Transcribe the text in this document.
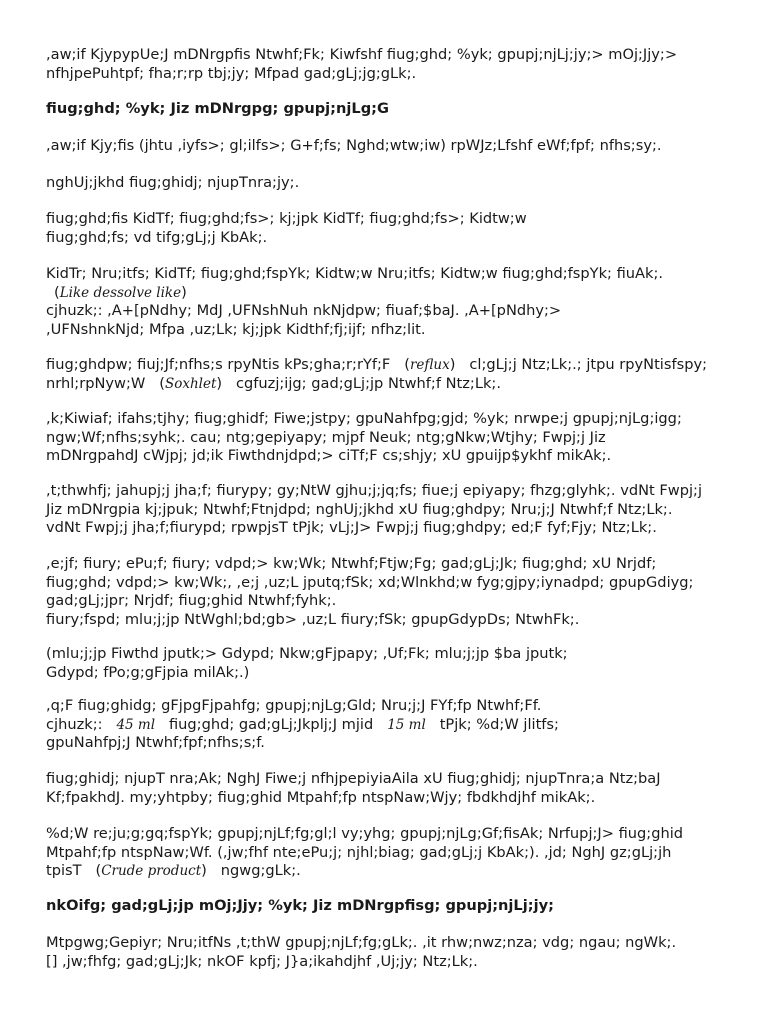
,aw;if KjypypUe;J mDNrgpfis Ntwhf;Fk; Kiwfshf fiug;ghd; %yk; gpupj;njLj;jy;> mOj;Jjy;>
nfhjpePuhtpf; fha;r;rp tbj;jy; Mfpad gad;gLj;jg;gLk;.
fiug;ghd; %yk; Jiz mDNrgpg; gpupj;njLg;G
,aw;if Kjy;fis (jhtu ,iyfs>; gl;ilfs>; G+f;fs; Nghd;wtw;iw) rpWJz;Lfshf eWf;fpf; nfhs;sy;.
nghUj;jkhd fiug;ghidj; njupTnra;jy;.
fiug;ghd;fis KidTf; fiug;ghd;fs>; kj;jpk KidTf; fiug;ghd;fs>; Kidtw;w
fiug;ghd;fs; vd tifg;gLj;j KbAk;.
KidTr; Nru;itfs; KidTf; fiug;ghd;fspYk; Kidtw;w Nru;itfs; Kidtw;w fiug;ghd;fspYk; fiuAk;.
(Like dessolve like)
cjhuzk;: ,A+[pNdhy; MdJ ,UFNshNuh nkNjdpw; fiuaf;$baJ. ,A+[pNdhy;>
,UFNshnkNjd; Mfpa ,uz;Lk; kj;jpk Kidthf;fj;ijf; nfhz;lit.
fiug;ghdpw; fiuj;Jf;nfhs;s rpyNtis kPs;gha;r;rYf;F   (reflux)   cl;gLj;j Ntz;Lk;.; jtpu rpyNtisfspy;
nrhl;rpNyw;W   (Soxhlet)   cgfuzj;ijg; gad;gLj;jp Ntwhf;f Ntz;Lk;.
,k;Kiwiaf; ifahs;tjhy; fiug;ghidf; Fiwe;jstpy; gpuNahfpg;gjd; %yk; nrwpe;j gpupj;njLg;igg;
ngw;Wf;nfhs;syhk;. cau; ntg;gepiyapy; mjpf Neuk; ntg;gNkw;Wtjhy; Fwpj;j Jiz
mDNrgpahdJ cWjpj; jd;ik Fiwthdnjdpd;> ciTf;F cs;shjy; xU gpuijp$ykhf mikAk;.
,t;thwhfj; jahupj;j jha;f; fiurypy; gy;NtW gjhu;j;jq;fs; fiue;j epiyapy; fhzg;glyhk;. vdNt Fwpj;j
Jiz mDNrgpia kj;jpuk; Ntwhf;Ftnjdpd; nghUj;jkhd xU fiug;ghdpy; Nru;j;J Ntwhf;f Ntz;Lk;.
vdNt Fwpj;j jha;f;fiurypd; rpwpjsT tPjk; vLj;J> Fwpj;j fiug;ghdpy; ed;F fyf;Fjy; Ntz;Lk;.
,e;jf; fiury; ePu;f; fiury; vdpd;> kw;Wk; Ntwhf;Ftjw;Fg; gad;gLj;Jk; fiug;ghd; xU Nrjdf;
fiug;ghd; vdpd;> kw;Wk;, ,e;j ,uz;L jputq;fSk; xd;Wlnkhd;w fyg;gjpy;iynadpd; gpupGdiyg;
gad;gLj;jpr; Nrjdf; fiug;ghid Ntwhf;fyhk;.
fiury;fspd; mlu;j;jp NtWghl;bd;gb> ,uz;L fiury;fSk; gpupGdypDs; NtwhFk;.
(mlu;j;jp Fiwthd jputk;> Gdypd; Nkw;gFjpapy; ,Uf;Fk; mlu;j;jp $ba jputk;
Gdypd; fPo;g;gFjpia milAk;.)
,q;F fiug;ghidg; gFjpgFjpahfg; gpupj;njLg;Gld; Nru;j;J FYf;fp Ntwhf;Ff.
cjhuzk;: 45 ml fiug;ghd; gad;gLj;Jkplj;J mjid 15 ml tPjk; %d;W jlitfs;
gpuNahfpj;J Ntwhf;fpf;nfhs;s;f.
fiug;ghidj; njupT nra;Ak; NghJ Fiwe;j nfhjpepiyiaAila xU fiug;ghidj; njupTnra;a Ntz;baJ
Kf;fpakhdJ. my;yhtpby; fiug;ghid Mtpahf;fp ntspNaw;Wjy; fbdkhdjhf mikAk;.
%d;W re;ju;g;gq;fspYk; gpupj;njLf;fg;gl;l vy;yhg; gpupj;njLg;Gf;fisAk; Nrfupj;J> fiug;ghid
Mtpahf;fp ntspNaw;Wf. (,jw;fhf nte;ePu;j; njhl;biag; gad;gLj;j KbAk;). ,jd; NghJ gz;gLj;jh
tpisT   (Crude product)   ngwg;gLk;.
nkOifg; gad;gLj;jp mOj;Jjy; %yk; Jiz mDNrgpfisg; gpupj;njLj;jy;
Mtpgwg;Gepiyr; Nru;itfNs ,t;thW gpupj;njLf;fg;gLk;. ,it rhw;nwz;nza; vdg; ngau; ngWk;.
[] ,jw;fhfg; gad;gLj;Jk; nkOF kpfj; J}a;ikahdjhf ,Uj;jy; Ntz;Lk;.
